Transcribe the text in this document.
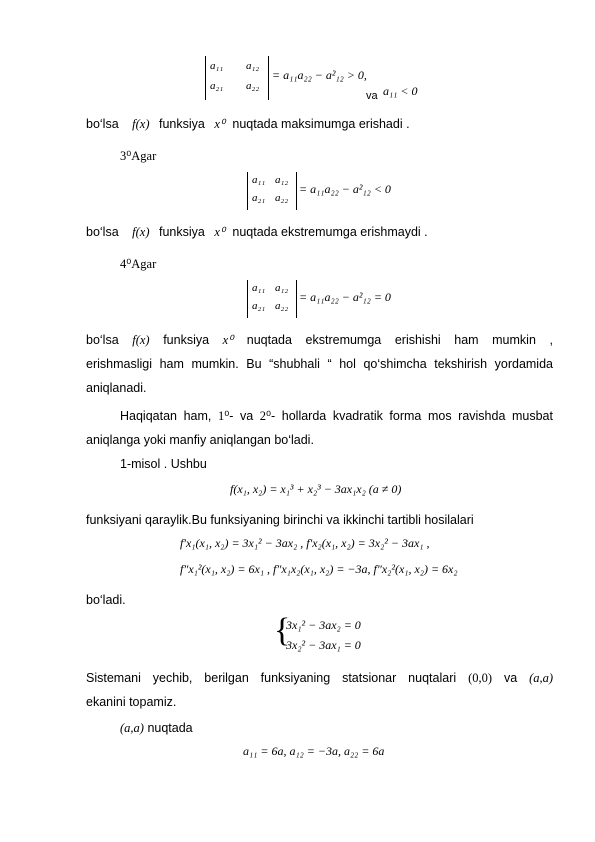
a₁₁ a₁₂
a₂₁ a₂₂
= a₁₁a₂₂ − a²₁₂ > 0,
va a₁₁ < 0
bo‘lsa f(x) funksiya x⁰ nuqtada maksimumga erishadi .
3⁰Agar
a₁₁ a₁₂
a₂₁ a₂₂
= a₁₁a₂₂ − a²₁₂ < 0
bo‘lsa f(x) funksiya x⁰ nuqtada ekstremumga erishmaydi .
4⁰Agar
a₁₁ a₁₂
a₂₁ a₂₂
= a₁₁a₂₂ − a²₁₂ = 0
bo‘lsa f(x) funksiya x⁰ nuqtada ekstremumga erishishi ham mumkin ,
erishmasligi ham mumkin. Bu “shubhali “ hol qo‘shimcha tekshirish yordamida
aniqlanadi.
Haqiqatan ham, 1⁰- va 2⁰- hollarda kvadratik forma mos ravishda musbat
aniqlanga yoki manfiy aniqlangan bo‘ladi.
1-misol . Ushbu
f(x₁, x₂) = x₁³ + x₂³ − 3ax₁x₂ (a ≠ 0)
funksiyani qaraylik.Bu funksiyaning birinchi va ikkinchi tartibli hosilalari
f′x₁(x₁, x₂) = 3x₁² − 3ax₂ , f′x₂(x₁, x₂) = 3x₂² − 3ax₁ ,
f″x₁²(x₁, x₂) = 6x₁ , f″x₁x₂(x₁, x₂) = −3a, f″x₂²(x₁, x₂) = 6x₂
bo‘ladi.
{
3x₁² − 3ax₂ = 0
3x₂² − 3ax₁ = 0
Sistemani yechib, berilgan funksiyaning statsionar nuqtalari (0,0) va (a,a)
ekanini topamiz.
(a,a) nuqtada
a₁₁ = 6a, a₁₂ = −3a, a₂₂ = 6a
